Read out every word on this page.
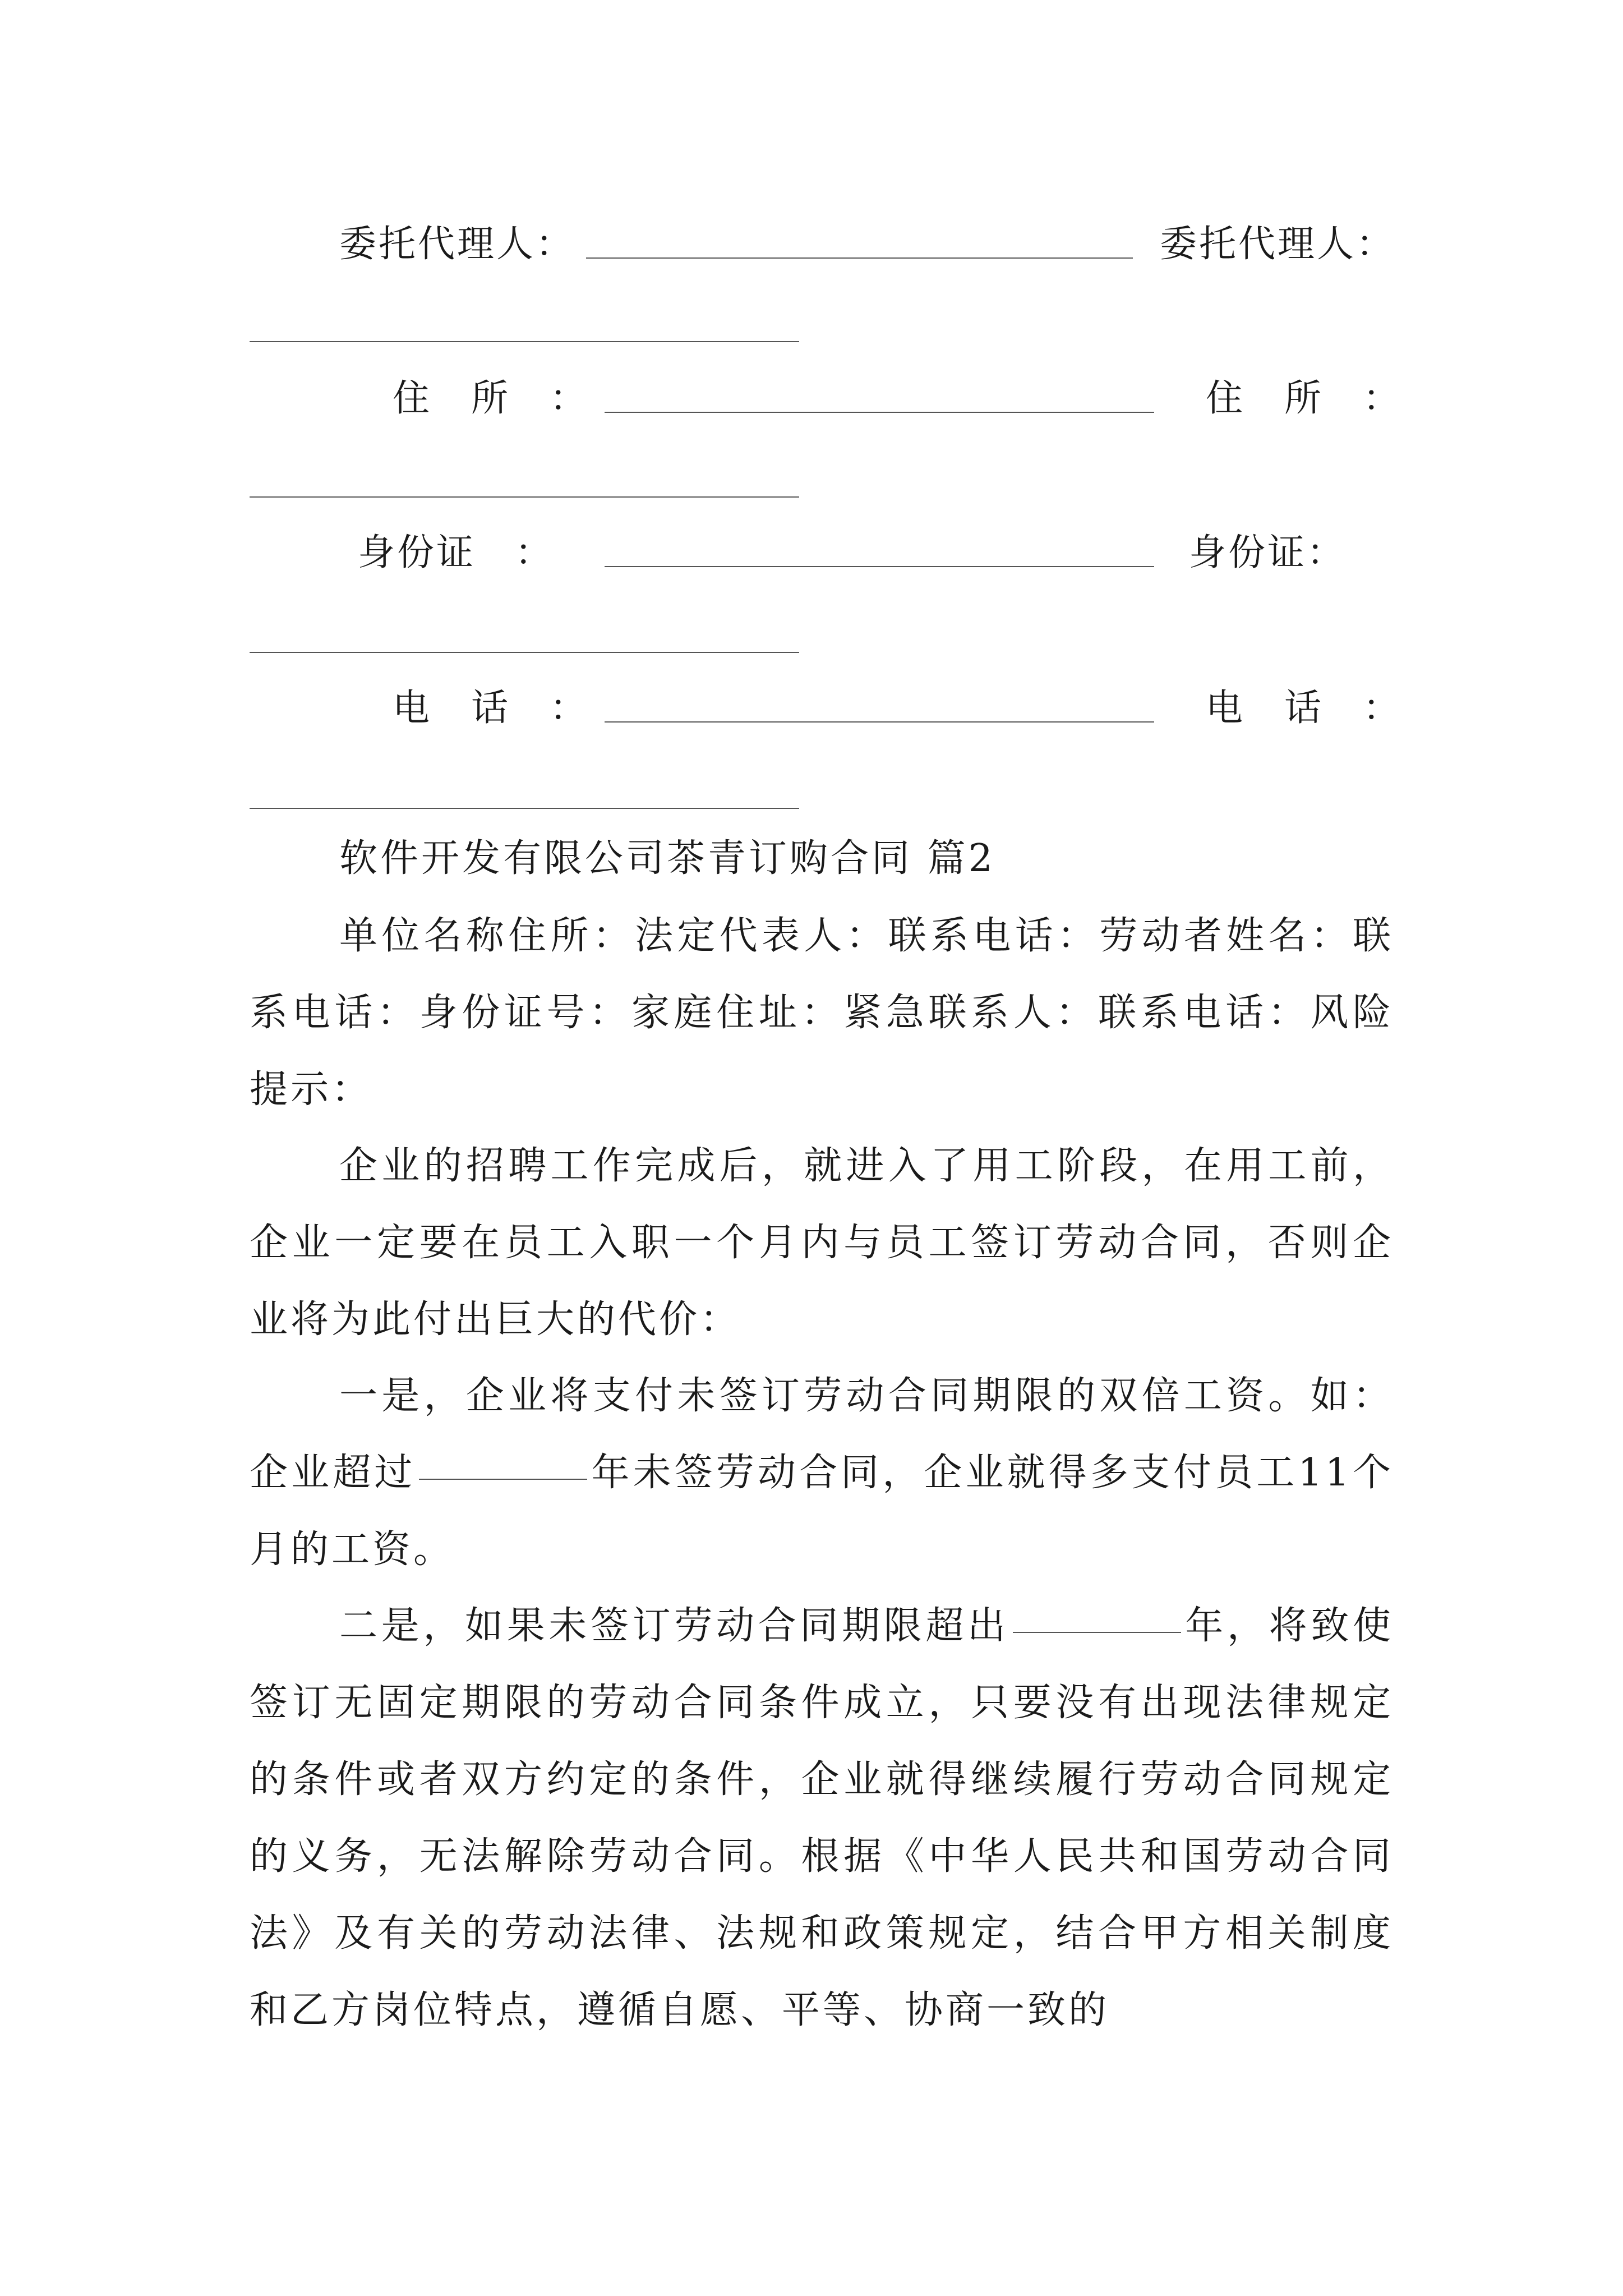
委托代理人：	委托代理人：
住　所　：	住　所　：
身份证　：	身份证：
电　话　：	电　话　：

软件开发有限公司茶青订购合同 篇2

单位名称住所：法定代表人：联系电话：劳动者姓名：联系电话：身份证号：家庭住址：紧急联系人：联系电话：风险提示：

企业的招聘工作完成后，就进入了用工阶段，在用工前，企业一定要在员工入职一个月内与员工签订劳动合同，否则企业将为此付出巨大的代价：

一是，企业将支付未签订劳动合同期限的双倍工资。如：企业超过	年未签劳动合同，企业就得多支付员工11个月的工资。

二是，如果未签订劳动合同期限超出	年，将致使签订无固定期限的劳动合同条件成立，只要没有出现法律规定的条件或者双方约定的条件，企业就得继续履行劳动合同规定的义务，无法解除劳动合同。根据《中华人民共和国劳动合同法》及有关的劳动法律、法规和政策规定，结合甲方相关制度和乙方岗位特点，遵循自愿、平等、协商一致的
